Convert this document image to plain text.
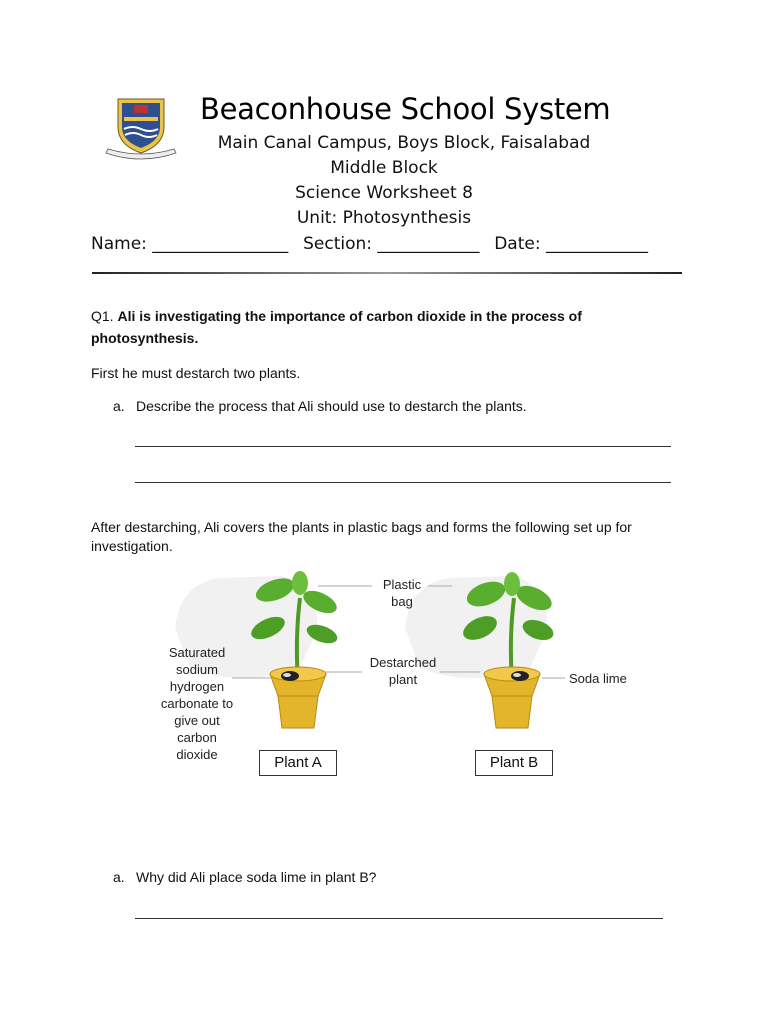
Beaconhouse School System
Main Canal Campus, Boys Block, Faisalabad
Middle Block
Science Worksheet 8
Unit: Photosynthesis
Name: ________________ Section: ____________ Date: ____________
Q1. Ali is investigating the importance of carbon dioxide in the process of photosynthesis.
First he must destarch two plants.
a. Describe the process that Ali should use to destarch the plants.
After destarching, Ali covers the plants in plastic bags and forms the following set up for investigation.
Plastic
bag
Destarched
plant	Soda lime
Saturated
sodium
hydrogen
carbonate to
give out
carbon
dioxide	Plant A	Plant B
a. Why did Ali place soda lime in plant B?
